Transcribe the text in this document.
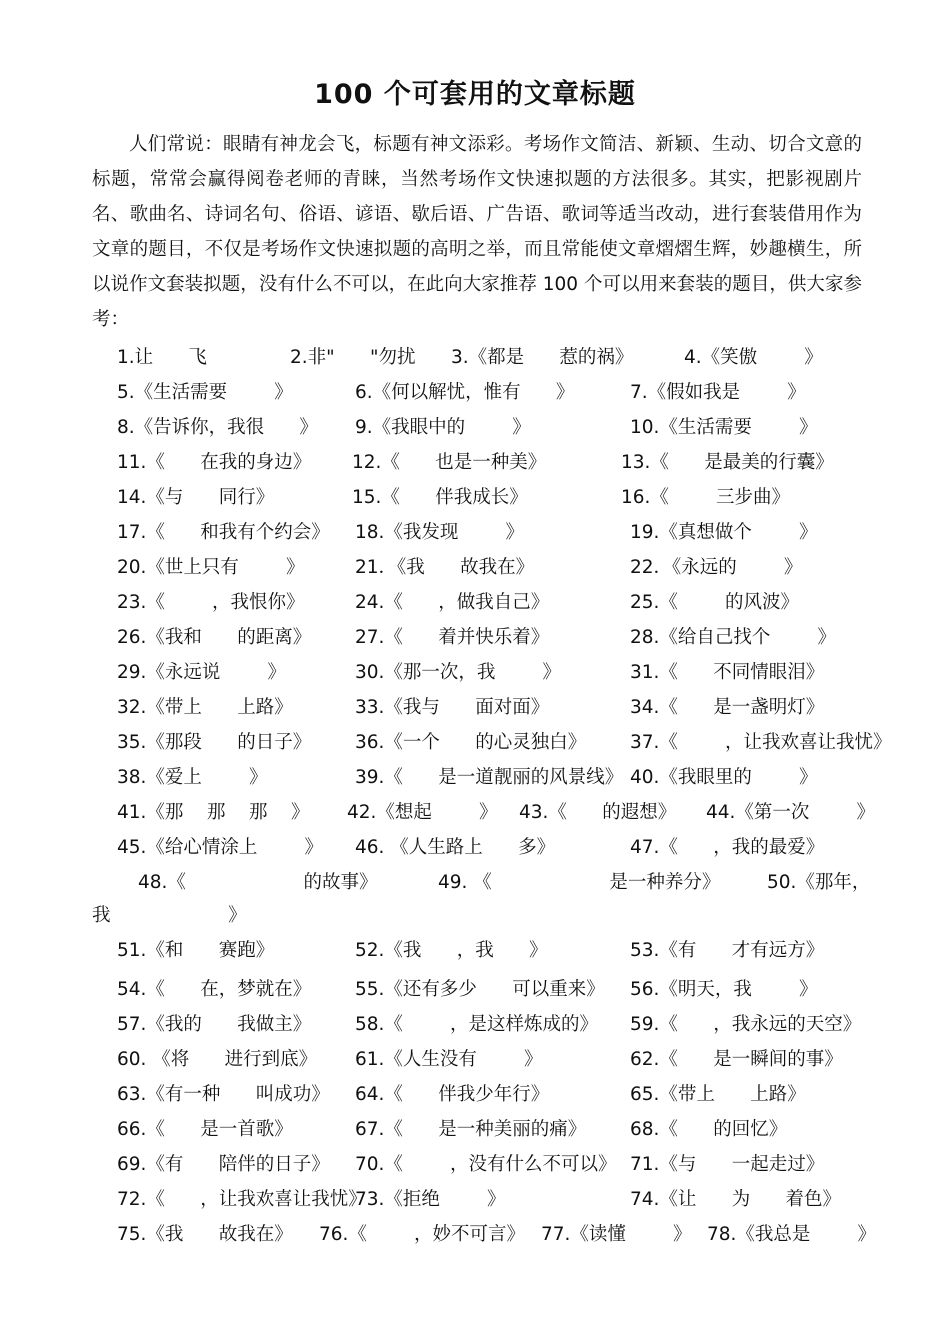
100 个可套用的文章标题

人们常说：眼睛有神龙会飞，标题有神文添彩。考场作文简洁、新颖、生动、切合文意的标题，常常会赢得阅卷老师的青睐，当然考场作文快速拟题的方法很多。其实，把影视剧片名、歌曲名、诗词名句、俗语、谚语、歇后语、广告语、歌词等适当改动，进行套装借用作为文章的题目，不仅是考场作文快速拟题的高明之举，而且常能使文章熠熠生辉，妙趣横生，所以说作文套装拟题，没有什么不可以，在此向大家推荐 100 个可以用来套装的题目，供大家参考：

1.让      飞	2.非"      "勿扰 3.《都是      惹的祸》	4.《笑傲        》
5.《生活需要        》	6.《何以解忧，惟有      》	7.《假如我是        》
8.《告诉你，我很      》 9.《我眼中的        》	10.《生活需要        》
11.《      在我的身边》 12.《      也是一种美》	13.《      是最美的行囊》
14.《与      同行》	15.《      伴我成长》	16.《        三步曲》
17.《      和我有个约会》 18.《我发现        》	19.《真想做个        》
20.《世上只有        》	21．《我      故我在》	22．《永远的        》
23.《        ，我恨你》	24.《      ，做我自己》	25.《        的风波》
26.《我和      的距离》 27.《      着并快乐着》	28.《给自己找个        》
29.《永远说        》	30.《那一次，我        》	31.《      不同情眼泪》
32.《带上      上路》	33.《我与      面对面》	34.《      是一盏明灯》
35.《那段      的日子》 36.《一个      的心灵独白》 37.《        ，让我欢喜让我忧》
38.《爱上        》	39.《      是一道靓丽的风景线》 40.《我眼里的        》
41.《那    那    那    》 42.《想起        》 43.《      的遐想》 44.《第一次        》
45.《给心情涂上        》 46. 《人生路上      多》	47.《      ，我的最爱》
48.《                    的故事》	49. 《                    是一种养分》	50.《那年，
51.《和      赛跑》	52.《我      ，我      》	53.《有      才有远方》
54.《      在，梦就在》 55.《还有多少      可以重来》 56.《明天，我        》
57.《我的      我做主》 58.《        ，是这样炼成的》 59.《      ，我永远的天空》
60. 《将      进行到底》 61.《人生没有        》	62.《      是一瞬间的事》
63.《有一种      叫成功》 64.《      伴我少年行》	65.《带上      上路》
66.《      是一首歌》	67.《      是一种美丽的痛》 68.《      的回忆》
69.《有      陪伴的日子》 70.《        ，没有什么不可以》 71.《与      一起走过》
72.《      ，让我欢喜让我忧》
73.《拒绝        》	74.《让      为      着色》
75.《我      故我在》 76.《        ，妙不可言》 77.《读懂        》 78.《我总是        》
我                    》
